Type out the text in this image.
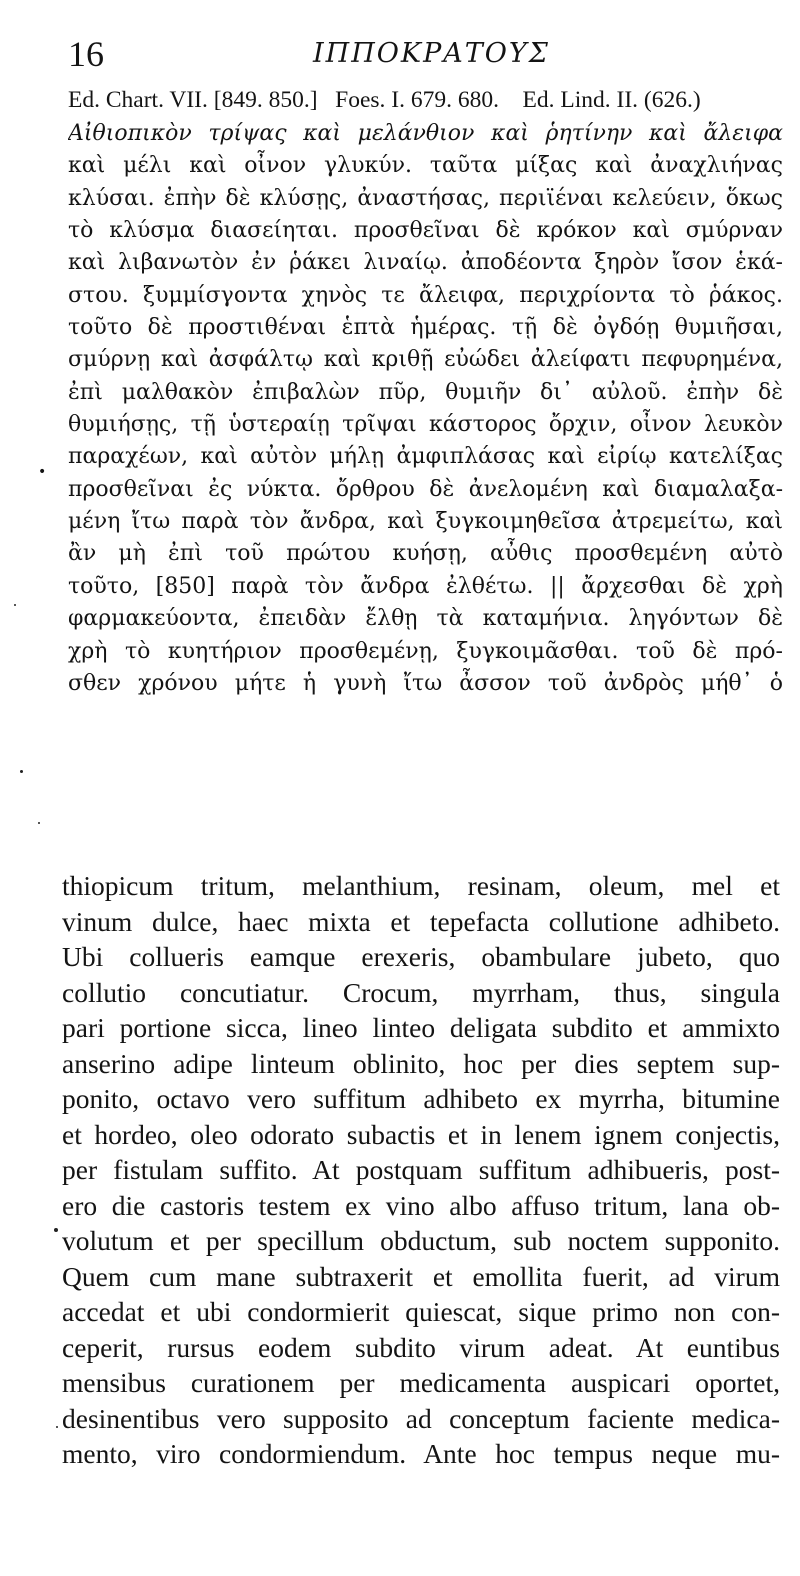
16	ΙΠΠΟΚΡΑΤΟΥΣ
Ed. Chart. VII. [849. 850.]   Foes. I. 679. 680.    Ed. Lind. II. (626.)
•
Αἰθιοπικὸν τρίψας καὶ μελάνθιον καὶ ῥητίνην καὶ ἄλειφα
καὶ μέλι καὶ οἶνον γλυκύν. ταῦτα μίξας καὶ ἀναχλιήνας
κλύσαι. ἐπὴν δὲ κλύσῃς, ἀναστήσας, περιϊέναι κελεύειν, ὅκως
τὸ κλύσμα διασείηται. προσθεῖναι δὲ κρόκον καὶ σμύρναν
καὶ λιβανωτὸν ἐν ῥάκει λιναίῳ. ἀποδέοντα ξηρὸν ἴσον ἑκά-
στου. ξυμμίσγοντα χηνὸς τε ἄλειφα, περιχρίοντα τὸ ῥάκος.
τοῦτο δὲ προστιθέναι ἑπτὰ ἡμέρας. τῇ δὲ ὀγδόῃ θυμιῆσαι,
σμύρνῃ καὶ ἀσφάλτῳ καὶ κριθῇ εὐώδει ἀλείφατι πεφυρημένα,
ἐπὶ μαλθακὸν ἐπιβαλὼν πῦρ, θυμιῆν δι᾽ αὐλοῦ. ἐπὴν δὲ
θυμιήσῃς, τῇ ὑστεραίῃ τρῖψαι κάστορος ὄρχιν, οἶνον λευκὸν
παραχέων, καὶ αὐτὸν μήλῃ ἀμφιπλάσας καὶ εἰρίῳ κατελίξας
προσθεῖναι ἐς νύκτα. ὄρθρου δὲ ἀνελομένη καὶ διαμαλαξα-
μένη ἴτω παρὰ τὸν ἄνδρα, καὶ ξυγκοιμηθεῖσα ἀτρεμείτω, καὶ
ἂν μὴ ἐπὶ τοῦ πρώτου κυήσῃ, αὖθις προσθεμένη αὐτὸ
τοῦτο, [850] παρὰ τὸν ἄνδρα ἐλθέτω. || ἄρχεσθαι δὲ χρὴ
φαρμακεύοντα, ἐπειδὰν ἔλθῃ τὰ καταμήνια. ληγόντων δὲ
χρὴ τὸ κυητήριον προσθεμένῃ, ξυγκοιμᾶσθαι. τοῦ δὲ πρό-
σθεν χρόνου μήτε ἡ γυνὴ ἴτω ἆσσον τοῦ ἀνδρὸς μήθ᾽ ὁ
thiopicum tritum, melanthium, resinam, oleum, mel et
vinum dulce, haec mixta et tepefacta collutione adhibeto.
Ubi collueris eamque erexeris, obambulare jubeto, quo
collutio concutiatur. Crocum, myrrham, thus, singula
pari portione sicca, lineo linteo deligata subdito et ammixto
anserino adipe linteum oblinito, hoc per dies septem sup-
ponito, octavo vero suffitum adhibeto ex myrrha, bitumine
et hordeo, oleo odorato subactis et in lenem ignem conjectis,
per fistulam suffito. At postquam suffitum adhibueris, post-
ero die castoris testem ex vino albo affuso tritum, lana ob-
volutum et per specillum obductum, sub noctem supponito.
Quem cum mane subtraxerit et emollita fuerit, ad virum
accedat et ubi condormierit quiescat, sique primo non con-
ceperit, rursus eodem subdito virum adeat. At euntibus
mensibus curationem per medicamenta auspicari oportet,
desinentibus vero supposito ad conceptum faciente medica-
mento, viro condormiendum. Ante hoc tempus neque mu-
